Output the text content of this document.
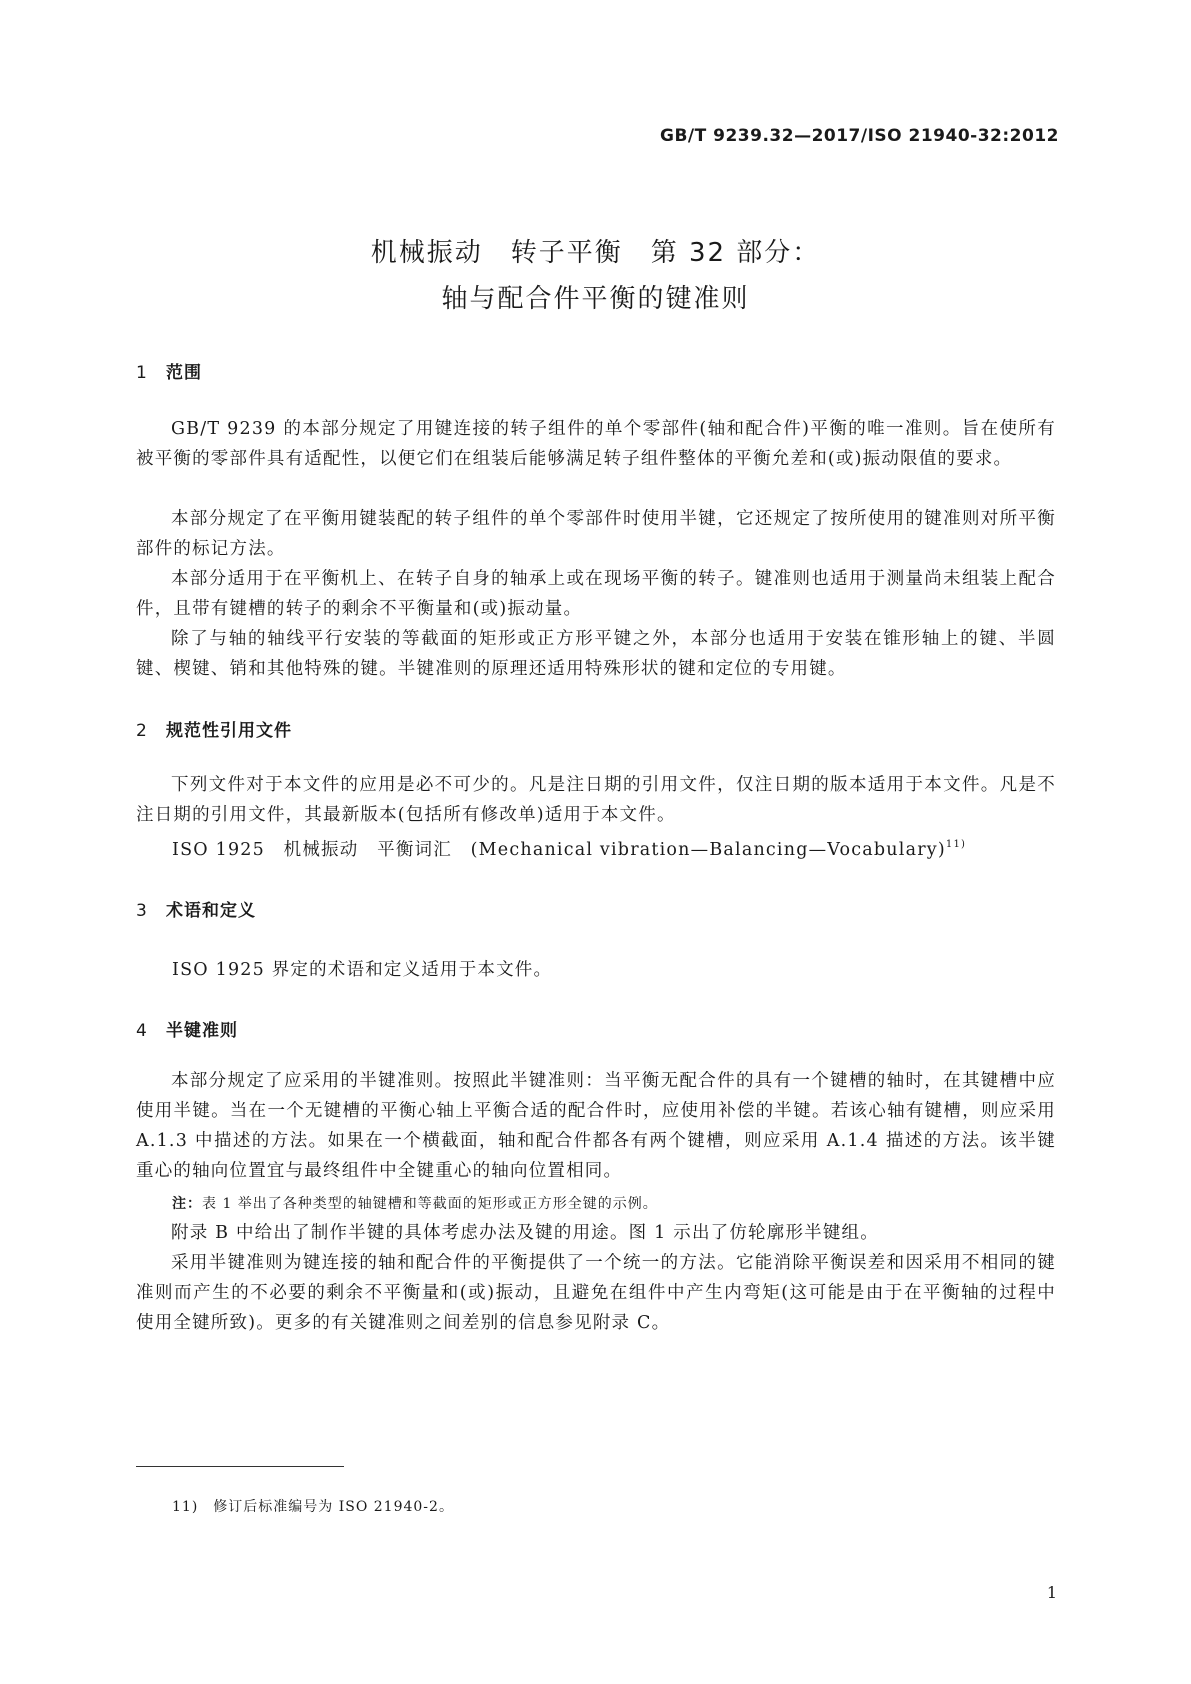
GB/T 9239.32—2017/ISO 21940-32:2012
机械振动　转子平衡　第 32 部分：
轴与配合件平衡的键准则
1 范围
GB/T 9239 的本部分规定了用键连接的转子组件的单个零部件(轴和配合件)平衡的唯一准则。旨在使所有被平衡的零部件具有适配性，以便它们在组装后能够满足转子组件整体的平衡允差和(或)振动限值的要求。
本部分规定了在平衡用键装配的转子组件的单个零部件时使用半键，它还规定了按所使用的键准则对所平衡部件的标记方法。
本部分适用于在平衡机上、在转子自身的轴承上或在现场平衡的转子。键准则也适用于测量尚未组装上配合件，且带有键槽的转子的剩余不平衡量和(或)振动量。
除了与轴的轴线平行安装的等截面的矩形或正方形平键之外，本部分也适用于安装在锥形轴上的键、半圆键、楔键、销和其他特殊的键。半键准则的原理还适用特殊形状的键和定位的专用键。
2 规范性引用文件
下列文件对于本文件的应用是必不可少的。凡是注日期的引用文件，仅注日期的版本适用于本文件。凡是不注日期的引用文件，其最新版本(包括所有修改单)适用于本文件。
ISO 1925　机械振动　平衡词汇　(Mechanical vibration—Balancing—Vocabulary)$^{11)}$
3 术语和定义
ISO 1925 界定的术语和定义适用于本文件。
4 半键准则
本部分规定了应采用的半键准则。按照此半键准则：当平衡无配合件的具有一个键槽的轴时，在其键槽中应使用半键。当在一个无键槽的平衡心轴上平衡合适的配合件时，应使用补偿的半键。若该心轴有键槽，则应采用 A.1.3 中描述的方法。如果在一个横截面，轴和配合件都各有两个键槽，则应采用 A.1.4 描述的方法。该半键重心的轴向位置宜与最终组件中全键重心的轴向位置相同。
注：表 1 举出了各种类型的轴键槽和等截面的矩形或正方形全键的示例。
附录 B 中给出了制作半键的具体考虑办法及键的用途。图 1 示出了仿轮廓形半键组。
采用半键准则为键连接的轴和配合件的平衡提供了一个统一的方法。它能消除平衡误差和因采用不相同的键准则而产生的不必要的剩余不平衡量和(或)振动，且避免在组件中产生内弯矩(这可能是由于在平衡轴的过程中使用全键所致)。更多的有关键准则之间差别的信息参见附录 C。
11)　修订后标准编号为 ISO 21940-2。
1
